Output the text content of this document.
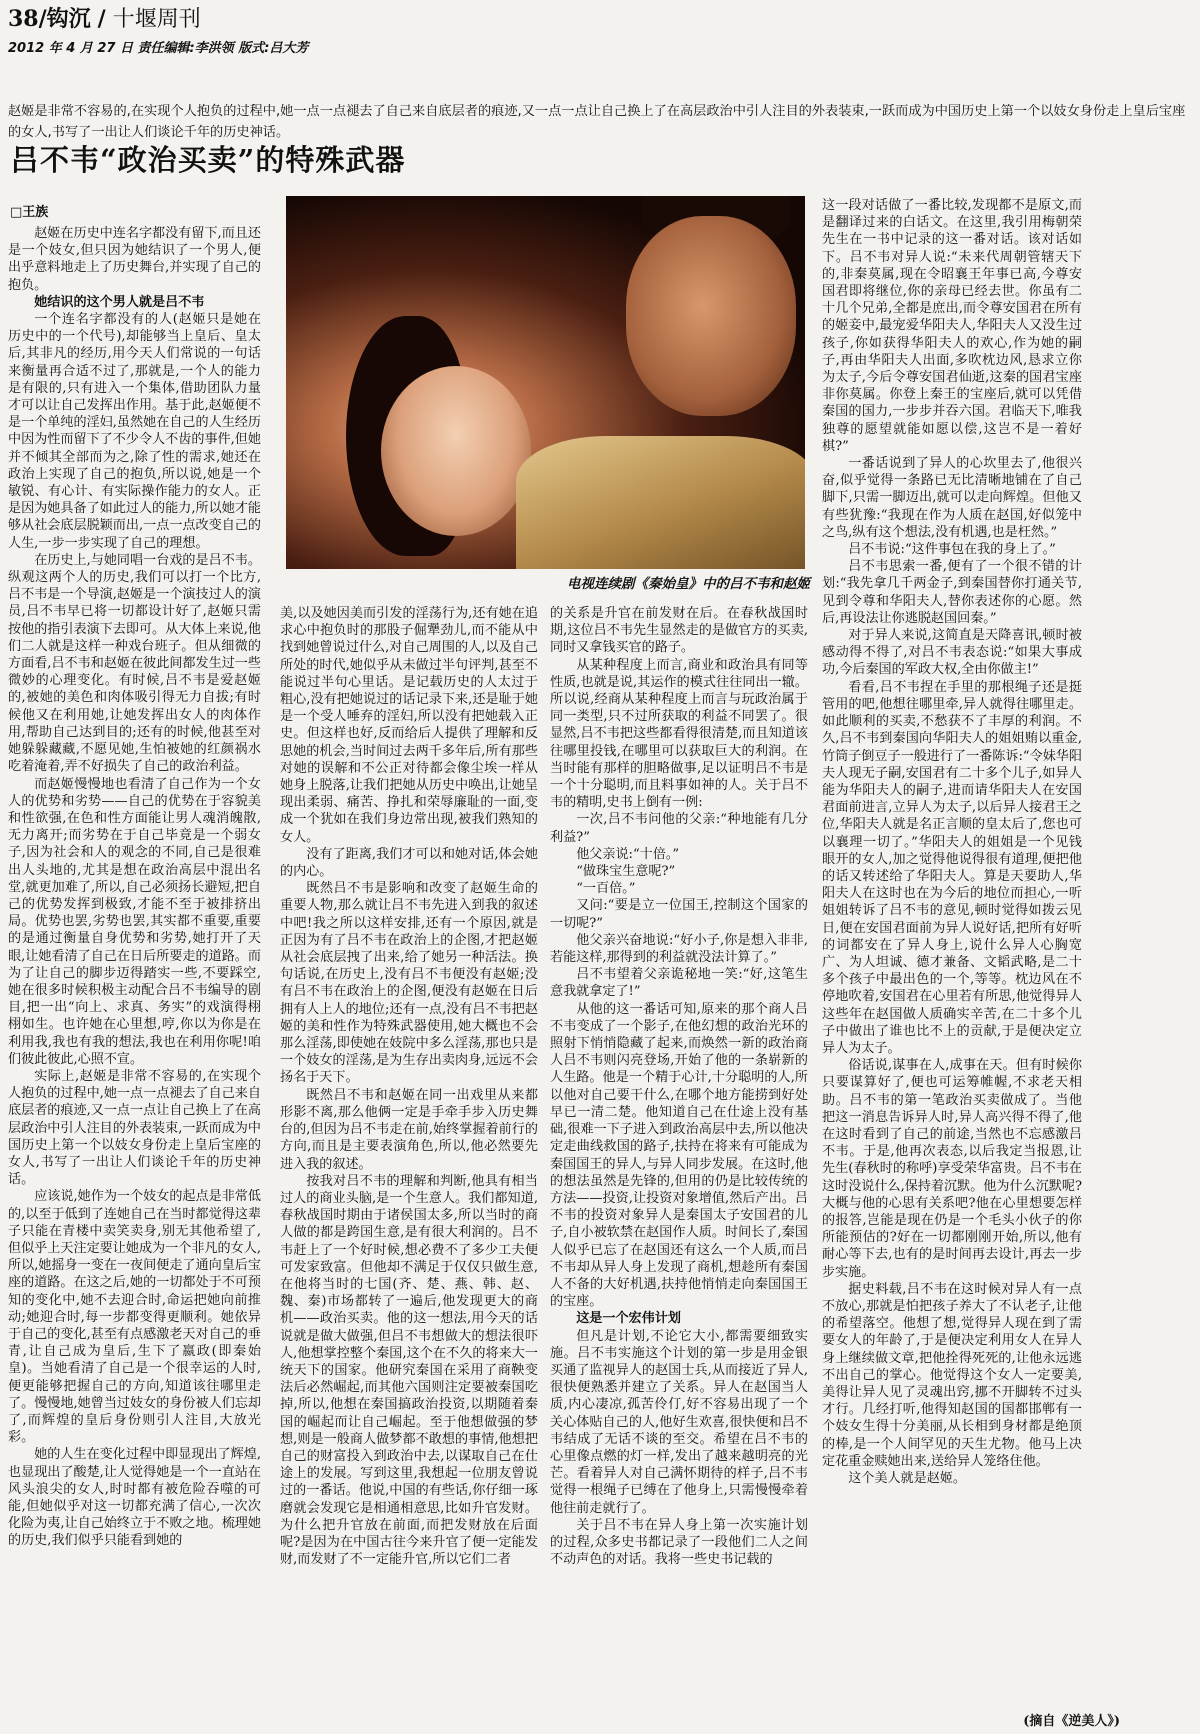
38/钩沉 / 十堰周刊
2012 年 4 月 27 日 责任编辑:李洪领 版式:吕大芳
赵姬是非常不容易的,在实现个人抱负的过程中,她一点一点褪去了自己来自底层者的痕迹,又一点一点让自己换上了在高层政治中引人注目的外表装束,一跃而成为中国历史上第一个以妓女身份走上皇后宝座的女人,书写了一出让人们谈论千年的历史神话。
吕不韦“政治买卖”的特殊武器
□王族
电视连续剧《秦始皇》中的吕不韦和赵姬

赵姬在历史中连名字都没有留下,而且还是一个妓女,但只因为她结识了一个男人,便出乎意料地走上了历史舞台,并实现了自己的抱负。

她结识的这个男人就是吕不韦

一个连名字都没有的人(赵姬只是她在历史中的一个代号),却能够当上皇后、皇太后,其非凡的经历,用今天人们常说的一句话来衡量再合适不过了,那就是,一个人的能力是有限的,只有进入一个集体,借助团队力量才可以让自己发挥出作用。基于此,赵姬便不是一个单纯的淫妇,虽然她在自己的人生经历中因为性而留下了不少令人不齿的事件,但她并不倾其全部而为之,除了性的需求,她还在政治上实现了自己的抱负,所以说,她是一个敏锐、有心计、有实际操作能力的女人。正是因为她具备了如此过人的能力,所以她才能够从社会底层脱颖而出,一点一点改变自己的人生,一步一步实现了自己的理想。

在历史上,与她同唱一台戏的是吕不韦。纵观这两个人的历史,我们可以打一个比方,吕不韦是一个导演,赵姬是一个演技过人的演员,吕不韦早已将一切都设计好了,赵姬只需按他的指引表演下去即可。从大体上来说,他们二人就是这样一种戏台班子。但从细微的方面看,吕不韦和赵姬在彼此间都发生过一些微妙的心理变化。有时候,吕不韦是爱赵姬的,被她的美色和肉体吸引得无力自拔;有时候他又在利用她,让她发挥出女人的肉体作用,帮助自己达到目的;还有的时候,他甚至对她躲躲藏藏,不愿见她,生怕被她的红颜祸水吃着淹着,弄不好损失了自己的政治利益。

而赵姬慢慢地也看清了自己作为一个女人的优势和劣势——自己的优势在于容貌美和性欲强,在色和性方面能让男人魂消魄散,无力离开;而劣势在于自己毕竟是一个弱女子,因为社会和人的观念的不同,自己是很难出人头地的,尤其是想在政治高层中混出名堂,就更加难了,所以,自己必须扬长避短,把自己的优势发挥到极致,才能不至于被排挤出局。优势也罢,劣势也罢,其实都不重要,重要的是通过衡量自身优势和劣势,她打开了天眼,让她看清了自己在日后所要走的道路。而为了让自己的脚步迈得踏实一些,不要踩空,她在很多时候积极主动配合吕不韦编导的剧目,把一出“向上、求真、务实”的戏演得栩栩如生。也许她在心里想,哼,你以为你是在利用我,我也有我的想法,我也在利用你呢!咱们彼此彼此,心照不宣。

实际上,赵姬是非常不容易的,在实现个人抱负的过程中,她一点一点褪去了自己来自底层者的痕迹,又一点一点让自己换上了在高层政治中引人注目的外表装束,一跃而成为中国历史上第一个以妓女身份走上皇后宝座的女人,书写了一出让人们谈论千年的历史神话。

应该说,她作为一个妓女的起点是非常低的,以至于低到了连她自己在当时都觉得这辈子只能在青楼中卖笑卖身,别无其他希望了,但似乎上天注定要让她成为一个非凡的女人,所以,她摇身一变在一夜间便走了通向皇后宝座的道路。在这之后,她的一切都处于不可预知的变化中,她不去迎合时,命运把她向前推动;她迎合时,每一步都变得更顺利。她依异于自己的变化,甚至有点感激老天对自己的垂青,让自己成为皇后,生下了嬴政(即秦始皇)。当她看清了自己是一个很幸运的人时,便更能够把握自己的方向,知道该往哪里走了。慢慢地,她曾当过妓女的身份被人们忘却了,而辉煌的皇后身份则引人注目,大放光彩。

她的人生在变化过程中即显现出了辉煌,也显现出了酸楚,让人觉得她是一个一直站在风头浪尖的女人,时时都有被危险吞噬的可能,但她似乎对这一切都充满了信心,一次次化险为夷,让自己始终立于不败之地。梳理她的历史,我们似乎只能看到她的

美,以及她因美而引发的淫荡行为,还有她在追求心中抱负时的那股子倔犟劲儿,而不能从中找到她曾说过什么,对自己周围的人,以及自己所处的时代,她似乎从未做过半句评判,甚至不能说过半句心里话。是记载历史的人太过于粗心,没有把她说过的话记录下来,还是耻于她是一个受人唾弃的淫妇,所以没有把她载入正史。但这样也好,反而给后人提供了理解和反思她的机会,当时间过去两千多年后,所有那些对她的误解和不公正对待都会像尘埃一样从她身上脱落,让我们把她从历史中唤出,让她呈现出柔弱、痛苦、挣扎和荣辱廉耻的一面,变成一个犹如在我们身边常出现,被我们熟知的女人。

没有了距离,我们才可以和她对话,体会她的内心。

既然吕不韦是影响和改变了赵姬生命的重要人物,那么就让吕不韦先进入到我的叙述中吧!我之所以这样安排,还有一个原因,就是正因为有了吕不韦在政治上的企图,才把赵姬从社会底层拽了出来,给了她另一种活法。换句话说,在历史上,没有吕不韦便没有赵姬;没有吕不韦在政治上的企图,便没有赵姬在日后拥有人上人的地位;还有一点,没有吕不韦把赵姬的美和性作为特殊武器使用,她大概也不会那么淫荡,即使她在妓院中多么淫荡,那也只是一个妓女的淫荡,是为生存出卖肉身,远远不会扬名于天下。

既然吕不韦和赵姬在同一出戏里从来都形影不离,那么他俩一定是手牵手步入历史舞台的,但因为吕不韦走在前,始终掌握着前行的方向,而且是主要表演角色,所以,他必然要先进入我的叙述。

按我对吕不韦的理解和判断,他具有相当过人的商业头脑,是一个生意人。我们都知道,春秋战国时期由于诸侯国太多,所以当时的商人做的都是跨国生意,是有很大利润的。吕不韦赶上了一个好时候,想必费不了多少工夫便可发家致富。但他却不满足于仅仅只做生意,在他将当时的七国(齐、楚、燕、韩、赵、魏、秦)市场都转了一遍后,他发现更大的商机——政治买卖。他的这一想法,用今天的话说就是做大做强,但吕不韦想做大的想法很吓人,他想掌控整个秦国,这个在不久的将来大一统天下的国家。他研究秦国在采用了商鞅变法后必然崛起,而其他六国则注定要被秦国吃掉,所以,他想在秦国搞政治投资,以期随着秦国的崛起而让自己崛起。至于他想做强的梦想,则是一般商人做梦都不敢想的事情,他想把自己的财富投入到政治中去,以谋取自己在仕途上的发展。写到这里,我想起一位朋友曾说过的一番话。他说,中国的有些话,你仔细一琢磨就会发现它是相通相意思,比如升官发财。为什么把升官放在前面,而把发财放在后面呢?是因为在中国古往今来升官了便一定能发财,而发财了不一定能升官,所以它们二者

的关系是升官在前发财在后。在春秋战国时期,这位吕不韦先生显然走的是做官方的买卖,同时又拿钱买官的路子。

从某种程度上而言,商业和政治具有同等性质,也就是说,其运作的模式往往同出一辙。所以说,经商从某种程度上而言与玩政治属于同一类型,只不过所获取的利益不同罢了。很显然,吕不韦把这些都看得很清楚,而且知道该往哪里投钱,在哪里可以获取巨大的利润。在当时能有那样的胆略做事,足以证明吕不韦是一个十分聪明,而且料事如神的人。关于吕不韦的精明,史书上倒有一例:

一次,吕不韦问他的父亲:“种地能有几分利益?”

他父亲说:“十倍。”

“做珠宝生意呢?”

“一百倍。”

又问:“要是立一位国王,控制这个国家的一切呢?”

他父亲兴奋地说:“好小子,你是想入非非,若能这样,那得到的利益就没法计算了。”

吕不韦望着父亲诡秘地一笑:“好,这笔生意我就拿定了!”

从他的这一番话可知,原来的那个商人吕不韦变成了一个影子,在他幻想的政治光环的照射下悄悄隐藏了起来,而焕然一新的政治商人吕不韦则闪亮登场,开始了他的一条崭新的人生路。他是一个精于心计,十分聪明的人,所以他对自己要干什么,在哪个地方能捞到好处早已一清二楚。他知道自己在仕途上没有基础,很难一下子进入到政治高层中去,所以他决定走曲线救国的路子,扶持在将来有可能成为秦国国王的异人,与异人同步发展。在这时,他的想法虽然是先锋的,但用的仍是比较传统的方法——投资,让投资对象增值,然后产出。吕不韦的投资对象异人是秦国太子安国君的儿子,自小被软禁在赵国作人质。时间长了,秦国人似乎已忘了在赵国还有这么一个人质,而吕不韦却从异人身上发现了商机,想趁所有秦国人不备的大好机遇,扶持他悄悄走向秦国国王的宝座。

这是一个宏伟计划

但凡是计划,不论它大小,都需要细致实施。吕不韦实施这个计划的第一步是用金银买通了监视异人的赵国士兵,从而接近了异人,很快便熟悉并建立了关系。异人在赵国当人质,内心凄凉,孤苦伶仃,好不容易出现了一个关心体贴自己的人,他好生欢喜,很快便和吕不韦结成了无话不谈的至交。希望在吕不韦的心里像点燃的灯一样,发出了越来越明亮的光芒。看着异人对自己满怀期待的样子,吕不韦觉得一根绳子已缚在了他身上,只需慢慢牵着他往前走就行了。

关于吕不韦在异人身上第一次实施计划的过程,众多史书都记录了一段他们二人之间不动声色的对话。我将一些史书记载的

这一段对话做了一番比较,发现都不是原文,而是翻译过来的白话文。在这里,我引用梅朝荣先生在一书中记录的这一番对话。该对话如下。吕不韦对异人说:“未来代周朝管辖天下的,非秦莫属,现在令昭襄王年事已高,今尊安国君即将继位,你的亲母已经去世。你虽有二十几个兄弟,全都是庶出,而令尊安国君在所有的姬妾中,最宠爱华阳夫人,华阳夫人又没生过孩子,你如获得华阳夫人的欢心,作为她的嗣子,再由华阳夫人出面,多吹枕边风,恳求立你为太子,今后令尊安国君仙逝,这秦的国君宝座非你莫属。你登上秦王的宝座后,就可以凭借秦国的国力,一步步并吞六国。君临天下,唯我独尊的愿望就能如愿以偿,这岂不是一着好棋?”

一番话说到了异人的心坎里去了,他很兴奋,似乎觉得一条路已无比清晰地铺在了自己脚下,只需一脚迈出,就可以走向辉煌。但他又有些犹豫:“我现在作为人质在赵国,好似笼中之鸟,纵有这个想法,没有机遇,也是枉然。”

吕不韦说:“这件事包在我的身上了。”

吕不韦思索一番,便有了一个很不错的计划:“我先拿几千两金子,到秦国替你打通关节,见到令尊和华阳夫人,替你表述你的心愿。然后,再设法让你逃脱赵国回秦。”

对于异人来说,这简直是天降喜讯,顿时被感动得不得了,对吕不韦表态说:“如果大事成功,今后秦国的军政大权,全由你做主!”

看看,吕不韦捏在手里的那根绳子还是挺管用的吧,他想往哪里牵,异人就得往哪里走。如此顺利的买卖,不愁获不了丰厚的利润。不久,吕不韦到秦国向华阳夫人的姐姐贿以重金,竹筒子倒豆子一般进行了一番陈诉:“令妹华阳夫人现无子嗣,安国君有二十多个儿子,如异人能为华阳夫人的嗣子,进而请华阳夫人在安国君面前进言,立异人为太子,以后异人接君王之位,华阳夫人就是名正言顺的皇太后了,您也可以襄理一切了。”华阳夫人的姐姐是一个见钱眼开的女人,加之觉得他说得很有道理,便把他的话又转述给了华阳夫人。算是天要助人,华阳夫人在这时也在为今后的地位而担心,一听姐姐转诉了吕不韦的意见,顿时觉得如拨云见日,便在安国君面前为异人说好话,把所有好听的词都安在了异人身上,说什么异人心胸宽广、为人坦诚、德才兼备、文韬武略,是二十多个孩子中最出色的一个,等等。枕边风在不停地吹着,安国君在心里若有所思,他觉得异人这些年在赵国做人质确实辛苦,在二十多个儿子中做出了谁也比不上的贡献,于是便决定立异人为太子。

俗话说,谋事在人,成事在天。但有时候你只要谋算好了,便也可运筹帷幄,不求老天相助。吕不韦的第一笔政治买卖做成了。当他把这一消息告诉异人时,异人高兴得不得了,他在这时看到了自己的前途,当然也不忘感激吕不韦。于是,他再次表态,以后我定当报恩,让先生(春秋时的称呼)享受荣华富贵。吕不韦在这时没说什么,保持着沉默。他为什么沉默呢?大概与他的心思有关系吧?他在心里想要怎样的报答,岂能是现在仍是一个毛头小伙子的你所能预估的?好在一切都刚刚开始,所以,他有耐心等下去,也有的是时间再去设计,再去一步步实施。

据史料载,吕不韦在这时候对异人有一点不放心,那就是怕把孩子养大了不认老子,让他的希望落空。他想了想,觉得异人现在到了需要女人的年龄了,于是便决定利用女人在异人身上继续做文章,把他拴得死死的,让他永远逃不出自己的掌心。他觉得这个女人一定要美,美得让异人见了灵魂出窍,挪不开脚转不过头才行。几经打听,他得知赵国的国都邯郸有一个妓女生得十分美丽,从长相到身材都是绝顶的棒,是一个人间罕见的天生尤物。他马上决定花重金赎她出来,送给异人笼络住他。

这个美人就是赵姬。

(摘自《逆美人》)
